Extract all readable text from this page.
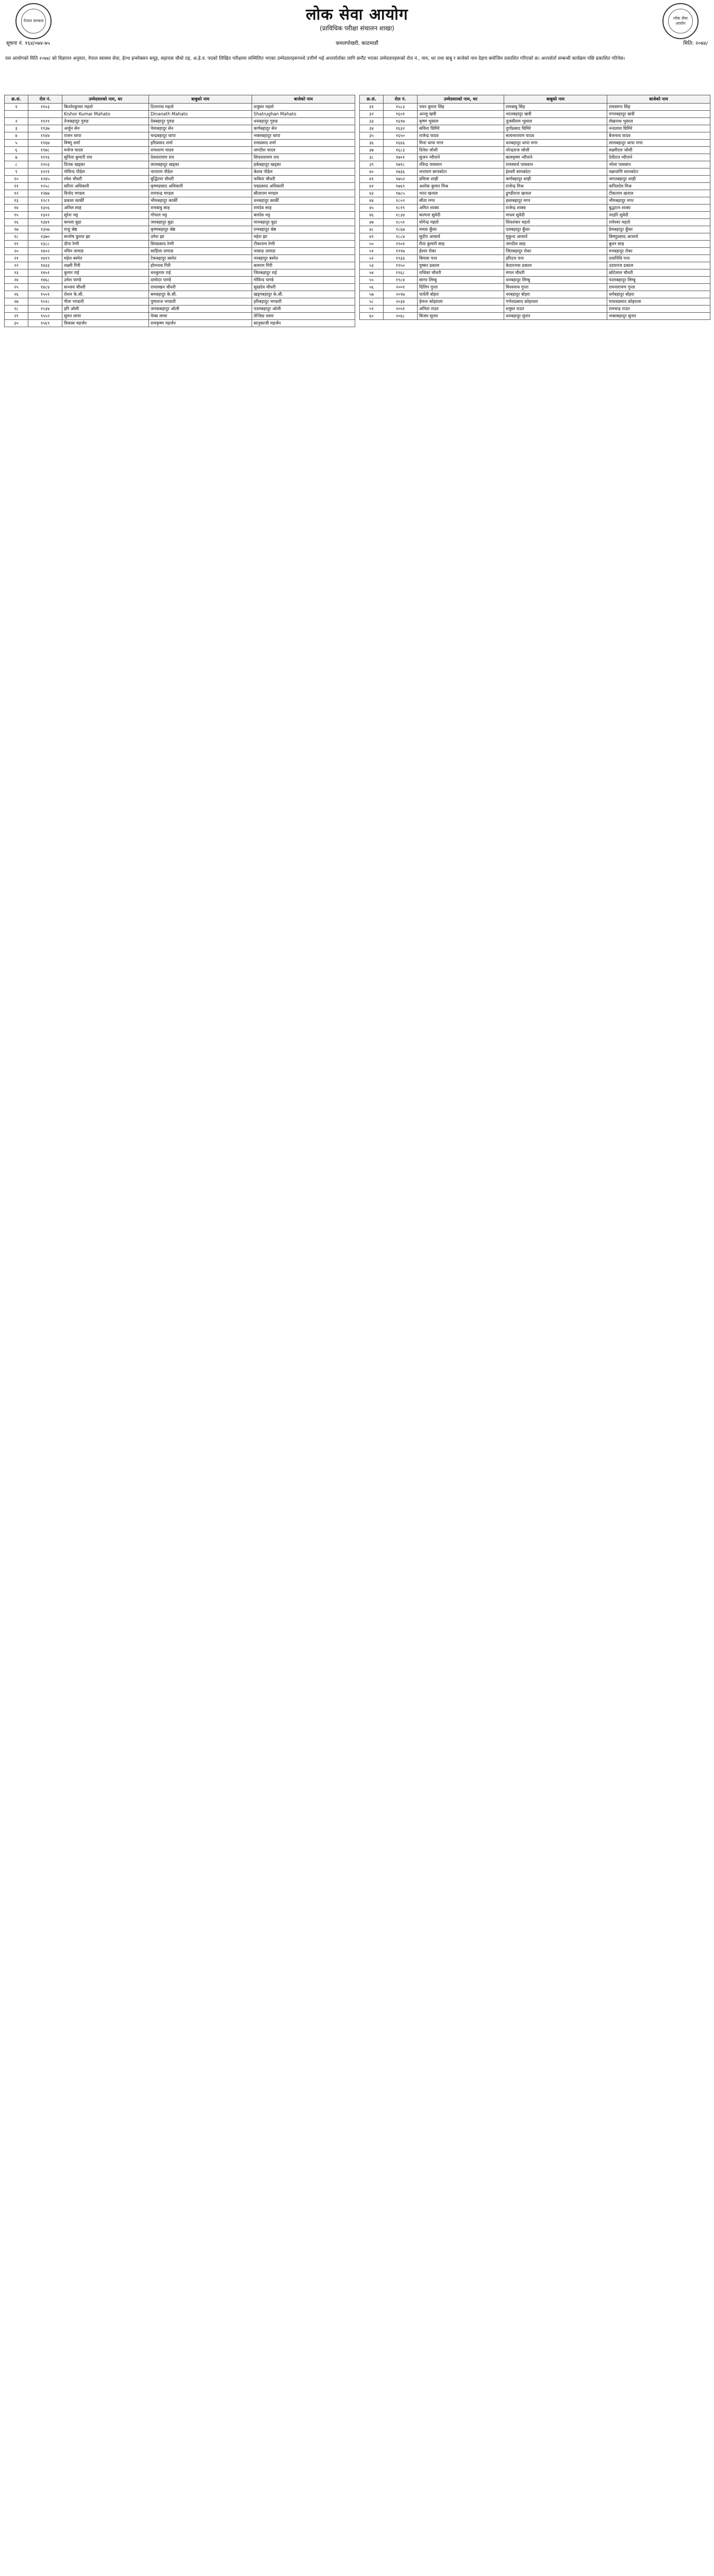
नेपाल सरकार	लोक सेवा आयोग
(प्राविधिक परीक्षा संचालन शाखा)
लोक सेवा आयोग
सूचना नं. १६४/०७४-७५	कमलपोखरी, काठमाडौं	मिति: २०७४/
यस आयोगको मिति २०७४/ को विज्ञापन अनुसार, नेपाल स्वास्थ्य सेवा, हेल्थ इन्स्पेक्सन समूह, सहायक चौथो तह, अ.हे.व. पदको लिखित परीक्षामा सम्मिलित भएका उम्मेदवारहरूमध्ये उत्तीर्ण भई अन्तर्वार्ताका लागि छनौट भएका उम्मेदवारहरूको रोल नं., नाम, थर तथा बाबु र बाजेको नाम देहाय बमोजिम प्रकाशित गरिएको छ। अन्तर्वार्ता सम्बन्धी कार्यक्रम पछि प्रकाशित गरिनेछ।
क्र.सं.	रोल नं.	उम्मेदवारको नाम, थर	बाबुको नाम	बाजेको नाम
१	११०३	किशोरकुमार महतो	दिनानाथ महतो	शत्रुघन महतो
		Kishor Kumar Mahato	Dinanath Mahato	Shatrughan Mahato
२	११२९	तेजबहादुर गुरुङ	देबबहादुर गुरुङ	धनबहादुर गुरुङ
३	११३७	अर्जुन सेन	पेमाबहादुर सेन	कर्णबहादुर सेन
४	११४४	राजन थापा	चन्द्रबहादुर थापा	भक्तबहादुर थापा
५	११६७	विष्णु शर्मा	हरिप्रसाद शर्मा	रामप्रसाद शर्मा
६	११७८	मनोज यादव	रामशरण यादव	जगदीश यादव
७	११९६	सुनिता कुमारी राय	देवनारायण राय	शिवनारायण राय
८	१२०३	दिपक खड्का	लालबहादुर खड्का	हर्कबहादुर खड्का
९	१२२१	गोविन्द पौडेल	नारायण पौडेल	केशव पौडेल
१०	१२४५	रमेश चौधरी	बुद्धिराम चौधरी	फकिरा चौधरी
११	१२५८	सरिता अधिकारी	कृष्णप्रसाद अधिकारी	पद्मप्रसाद अधिकारी
१२	१२७४	विनोद मण्डल	रामचन्द्र मण्डल	सीताराम मण्डल
१३	१२८९	प्रकाश कार्की	भीमबहादुर कार्की	धनबहादुर कार्की
१४	१३०६	अनिल साह	रामबाबु साह	रामदेव साह
१५	१३२२	सुरेश भट्ट	गोपाल भट्ट	बलदेव भट्ट
१६	१३४१	कमला बुढा	जयबहादुर बुढा	मानबहादुर बुढा
१७	१३५७	राजु श्रेष्ठ	कृष्णबहादुर श्रेष्ठ	रत्नबहादुर श्रेष्ठ
१८	१३७०	सन्तोष कुमार झा	उमेश झा	महेश झा
१९	१३८८	दीपा रेग्मी	शिवप्रसाद रेग्मी	टीकाराम रेग्मी
२०	१४०२	नविन तामाङ	साहिंला तामाङ	पासाङ तामाङ
२१	१४१९	महेश बस्नेत	टेकबहादुर बस्नेत	नरबहादुर बस्नेत
२२	१४३३	लक्ष्मी गिरी	होमनाथ गिरी	बलराम गिरी
२३	१४५१	कुमार राई	धनकुमार राई	जितबहादुर राई
२४	१४६८	उमेश पाण्डे	दामोदर पाण्डे	गोविन्द पाण्डे
२५	१४८४	सञ्जय चौधरी	रामलखन चौधरी	सुखदेव चौधरी
२६	१५०१	रोशन के.सी.	बमबहादुर के.सी.	खड्गबहादुर के.सी.
२७	१५१८	गीता भण्डारी	पुष्पराज भण्डारी	हरिबहादुर भण्डारी
२८	१५३४	हरि ओली	जनकबहादुर ओली	पदमबहादुर ओली
२९	१५५२	सुमन लामा	पेम्बा लामा	तेन्जिङ लामा
३०	१५६९	विकास महर्जन	रामकृष्ण महर्जन	सानुकाजी महर्जन
क्र.सं.	रोल नं.	उम्मेदवारको नाम, थर	बाबुको नाम	बाजेको नाम
३१	१५८३	पवन कुमार सिंह	रामबाबु सिंह	रामसागर सिंह
३२	१६०१	अञ्जु खत्री	भरतबहादुर खत्री	गगनबहादुर खत्री
३३	१६१७	कृष्ण भुसाल	तुलसीराम भुसाल	लेखनाथ भुसाल
३४	१६३२	सविना घिमिरे	दुर्गाप्रसाद घिमिरे	नन्दलाल घिमिरे
३५	१६५०	राजेन्द्र यादव	सत्यनारायण यादव	बैजनाथ यादव
३६	१६६६	मिना थापा मगर	धनबहादुर थापा मगर	लालबहादुर थापा मगर
३७	१६८३	दिनेश जोशी	नरेन्द्रराज जोशी	लक्ष्मीदत्त जोशी
३८	१७०१	सुजन न्यौपाने	बालकृष्ण न्यौपाने	देवीदत्त न्यौपाने
३९	१७१८	रविन्द्र पासवान	रामस्वार्थ पासवान	भोला पासवान
४०	१७३६	नारायण सापकोटा	ईश्वरी सापकोटा	चक्रपाणि सापकोटा
४१	१७५२	प्रमिला शाही	कर्णबहादुर शाही	जगतबहादुर शाही
४२	१७६९	अशोक कुमार मिश्र	राजेन्द्र मिश्र	कपिलदेव मिश्र
४३	१७८५	भरत खनाल	ढुण्डीराज खनाल	टीकाराम खनाल
४४	१८०२	सीता मगर	हस्तबहादुर मगर	भीमबहादुर मगर
४५	१८१९	अमित शाक्य	राजेन्द्र शाक्य	बुद्धरत्न शाक्य
४६	१८३४	कल्पना सुवेदी	माधव सुवेदी	नरहरि सुवेदी
४७	१८५१	योगेन्द्र महतो	शिवशंकर महतो	रामेश्वर महतो
४८	१८६७	ममता कुँवर	दलबहादुर कुँवर	प्रेमबहादुर कुँवर
४९	१८८४	सुदीप आचार्य	मुकुन्द आचार्य	बिष्णुप्रसाद आचार्य
५०	१९०१	रीता कुमारी साह	जगदीश साह	बुधन साह
५१	१९१७	ईश्वर रोका	जितबहादुर रोका	मनबहादुर रोका
५२	१९३३	बिमला पन्त	हरिदत्त पन्त	दयानिधि पन्त
५३	१९५०	पुष्कर ढकाल	केदारनाथ ढकाल	उदयराज ढकाल
५४	१९६८	राधिका चौधरी	मंगल चौधरी	छोटेलाल चौधरी
५५	१९८४	सागर लिम्बु	धनबहादुर लिम्बु	पदमबहादुर लिम्बु
५६	२००१	दिलिप गुप्ता	विश्वनाथ गुप्ता	रामनारायण गुप्ता
५७	२०१७	पार्वती बोहरा	नरबहादुर बोहरा	धर्मबहादुर बोहरा
५८	२०३४	हेमन्त कोइराला	गणेशप्रसाद कोइराला	माधवप्रसाद कोइराला
५९	२०५१	अनिता राउत	शत्रुघ्न राउत	रामचन्द्र राउत
६०	२०६८	बिजय सुनार	धनबहादुर सुनार	भक्तबहादुर सुनार
